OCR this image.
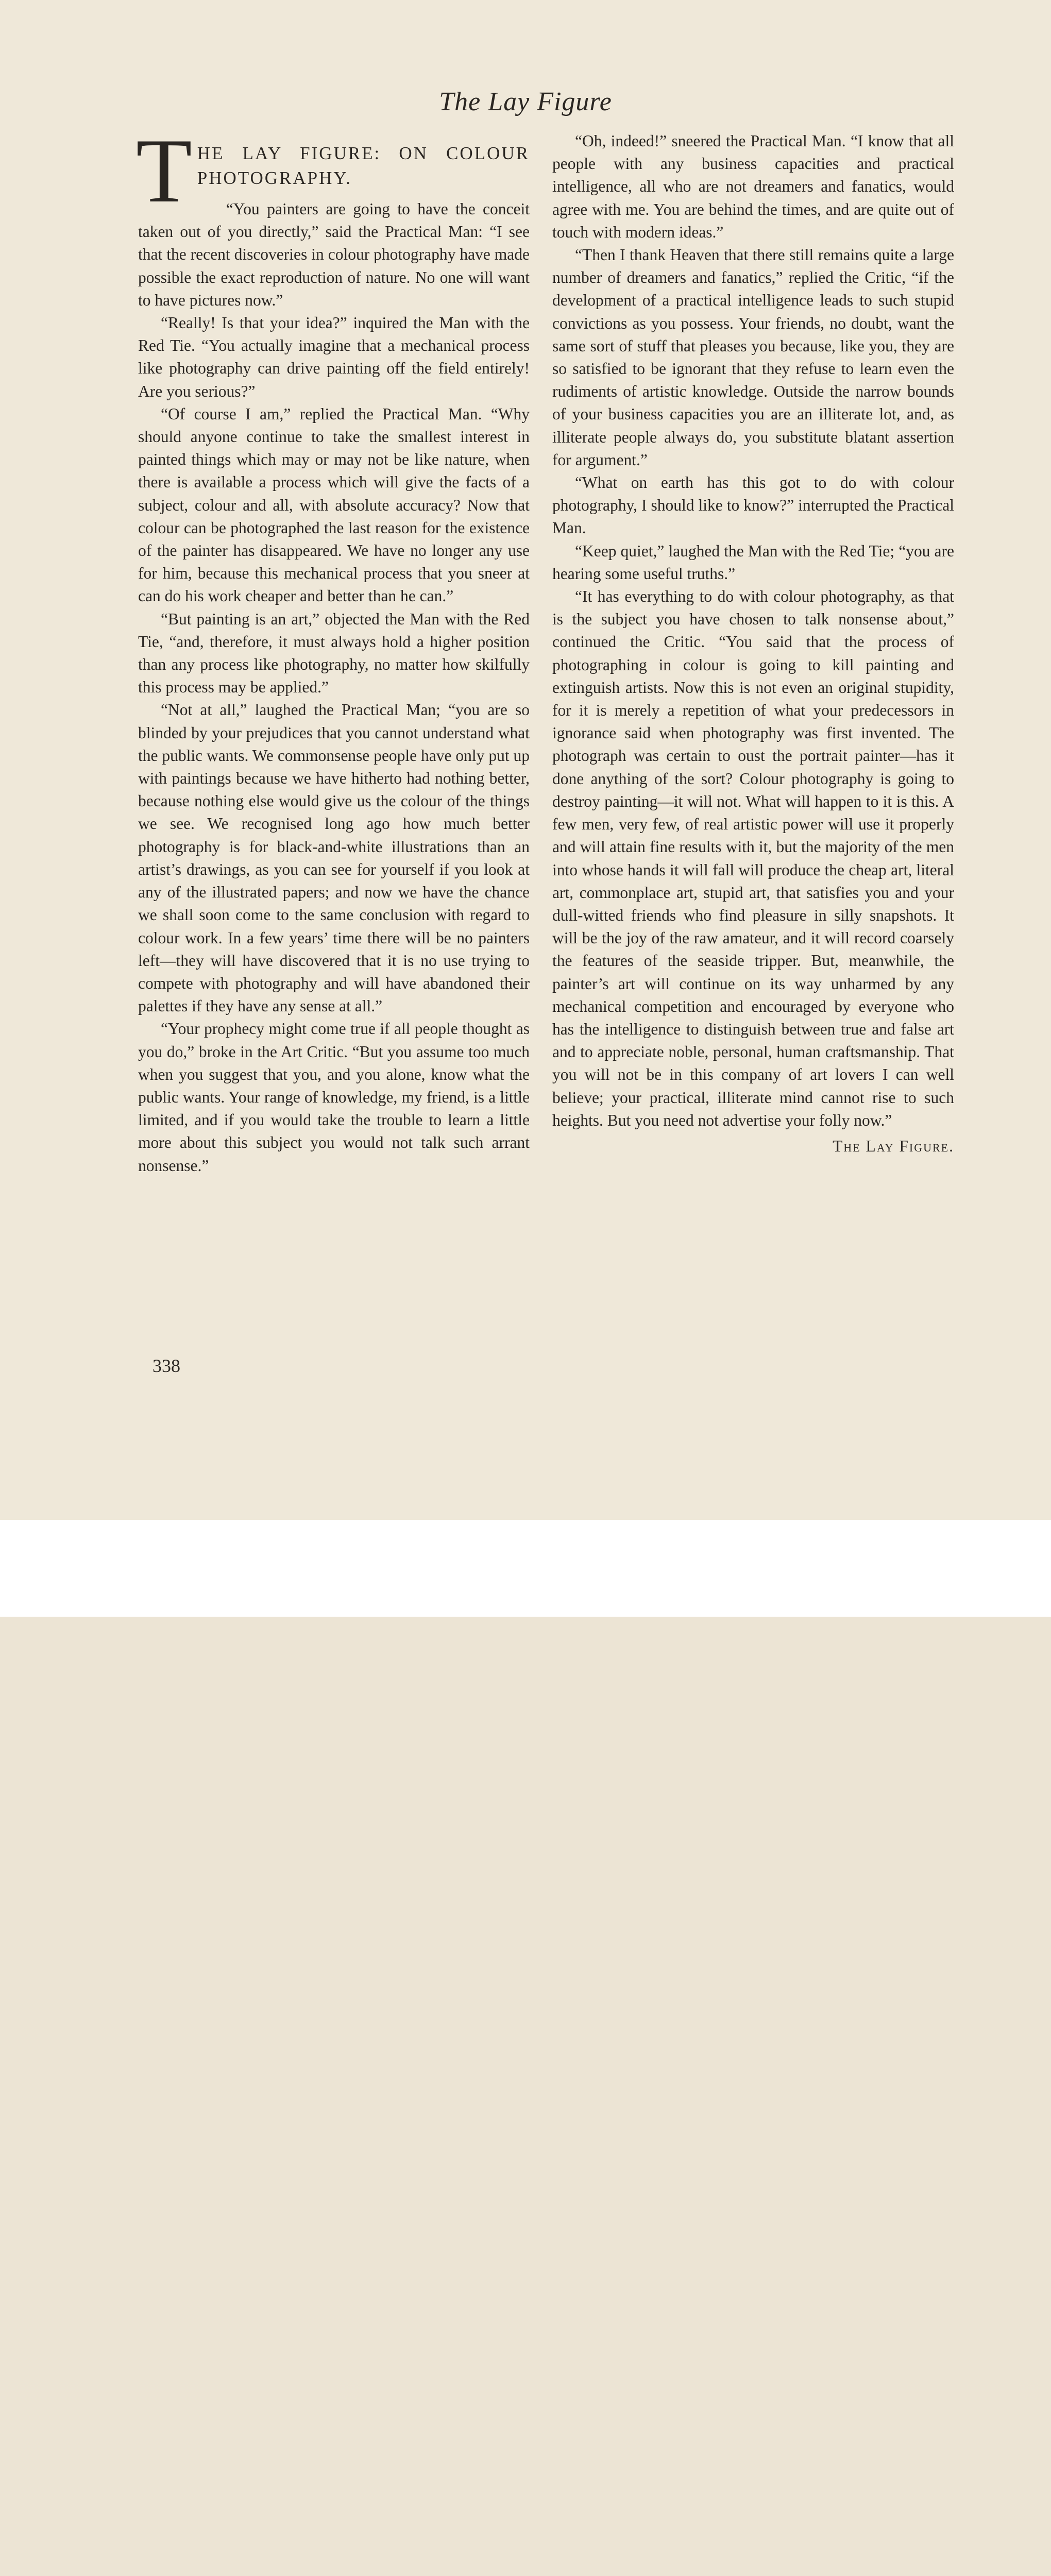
The Lay Figure
T HE LAY FIGURE: ON COLOUR PHOTOGRAPHY.

“You painters are going to have the conceit taken out of you directly,” said the Practical Man: “I see that the recent discoveries in colour photography have made possible the exact reproduction of nature. No one will want to have pictures now.”

“Really! Is that your idea?” inquired the Man with the Red Tie. “You actually imagine that a mechanical process like photography can drive painting off the field entirely! Are you serious?”

“Of course I am,” replied the Practical Man. “Why should anyone continue to take the smallest interest in painted things which may or may not be like nature, when there is available a process which will give the facts of a subject, colour and all, with absolute accuracy? Now that colour can be photographed the last reason for the existence of the painter has disappeared. We have no longer any use for him, because this mechanical process that you sneer at can do his work cheaper and better than he can.”

“But painting is an art,” objected the Man with the Red Tie, “and, therefore, it must always hold a higher position than any process like photography, no matter how skilfully this process may be applied.”

“Not at all,” laughed the Practical Man; “you are so blinded by your prejudices that you cannot understand what the public wants. We commonsense people have only put up with paintings because we have hitherto had nothing better, because nothing else would give us the colour of the things we see. We recognised long ago how much better photography is for black-and-white illustrations than an artist’s drawings, as you can see for yourself if you look at any of the illustrated papers; and now we have the chance we shall soon come to the same conclusion with regard to colour work. In a few years’ time there will be no painters left—they will have discovered that it is no use trying to compete with photography and will have abandoned their palettes if they have any sense at all.”

“Your prophecy might come true if all people thought as you do,” broke in the Art Critic. “But you assume too much when you suggest that you, and you alone, know what the public wants. Your range of knowledge, my friend, is a little limited, and if you would take the trouble to learn a little more about this subject you would not talk such arrant nonsense.”

“Oh, indeed!” sneered the Practical Man. “I know that all people with any business capacities and practical intelligence, all who are not dreamers and fanatics, would agree with me. You are behind the times, and are quite out of touch with modern ideas.”

“Then I thank Heaven that there still remains quite a large number of dreamers and fanatics,” replied the Critic, “if the development of a practical intelligence leads to such stupid convictions as you possess. Your friends, no doubt, want the same sort of stuff that pleases you because, like you, they are so satisfied to be ignorant that they refuse to learn even the rudiments of artistic knowledge. Outside the narrow bounds of your business capacities you are an illiterate lot, and, as illiterate people always do, you substitute blatant assertion for argument.”

“What on earth has this got to do with colour photography, I should like to know?” interrupted the Practical Man.

“Keep quiet,” laughed the Man with the Red Tie; “you are hearing some useful truths.”

“It has everything to do with colour photography, as that is the subject you have chosen to talk nonsense about,” continued the Critic. “You said that the process of photographing in colour is going to kill painting and extinguish artists. Now this is not even an original stupidity, for it is merely a repetition of what your predecessors in ignorance said when photography was first invented. The photograph was certain to oust the portrait painter—has it done anything of the sort? Colour photography is going to destroy painting—it will not. What will happen to it is this. A few men, very few, of real artistic power will use it properly and will attain fine results with it, but the majority of the men into whose hands it will fall will produce the cheap art, literal art, commonplace art, stupid art, that satisfies you and your dull-witted friends who find pleasure in silly snapshots. It will be the joy of the raw amateur, and it will record coarsely the features of the seaside tripper. But, meanwhile, the painter’s art will continue on its way unharmed by any mechanical competition and encouraged by everyone who has the intelligence to distinguish between true and false art and to appreciate noble, personal, human craftsmanship. That you will not be in this company of art lovers I can well believe; your practical, illiterate mind cannot rise to such heights. But you need not advertise your folly now.”

The Lay Figure.
338
